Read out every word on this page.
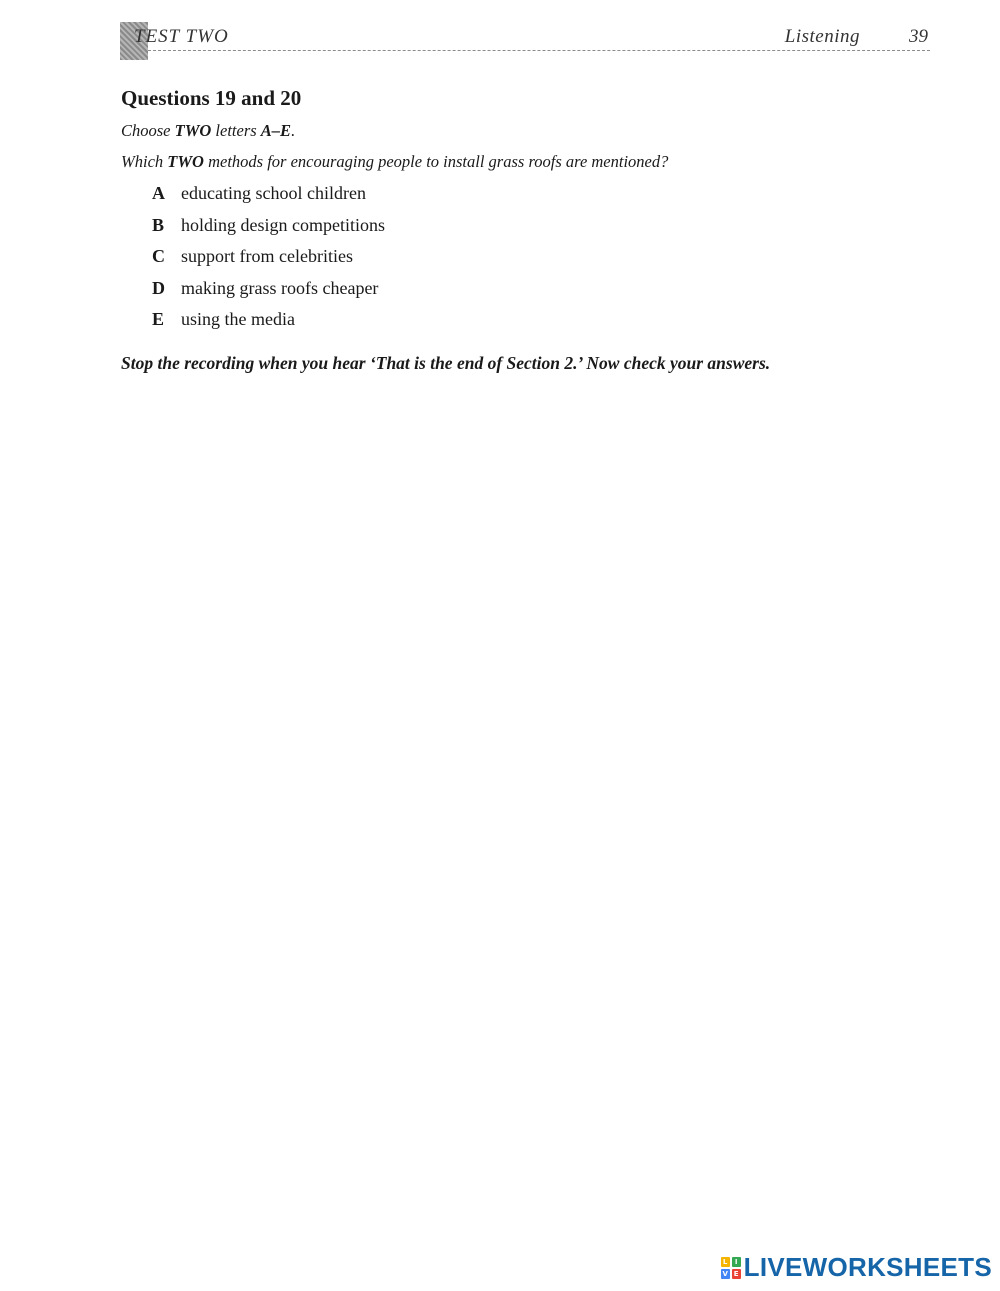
TEST TWO	Listening	39
Questions 19 and 20

Choose TWO letters A–E.

Which TWO methods for encouraging people to install grass roofs are mentioned?

A educating school children
B holding design competitions
C support from celebrities
D making grass roofs cheaper
E using the media

Stop the recording when you hear ‘That is the end of Section 2.’ Now check your answers.

L	I
V E LIVEWORKSHEETS
